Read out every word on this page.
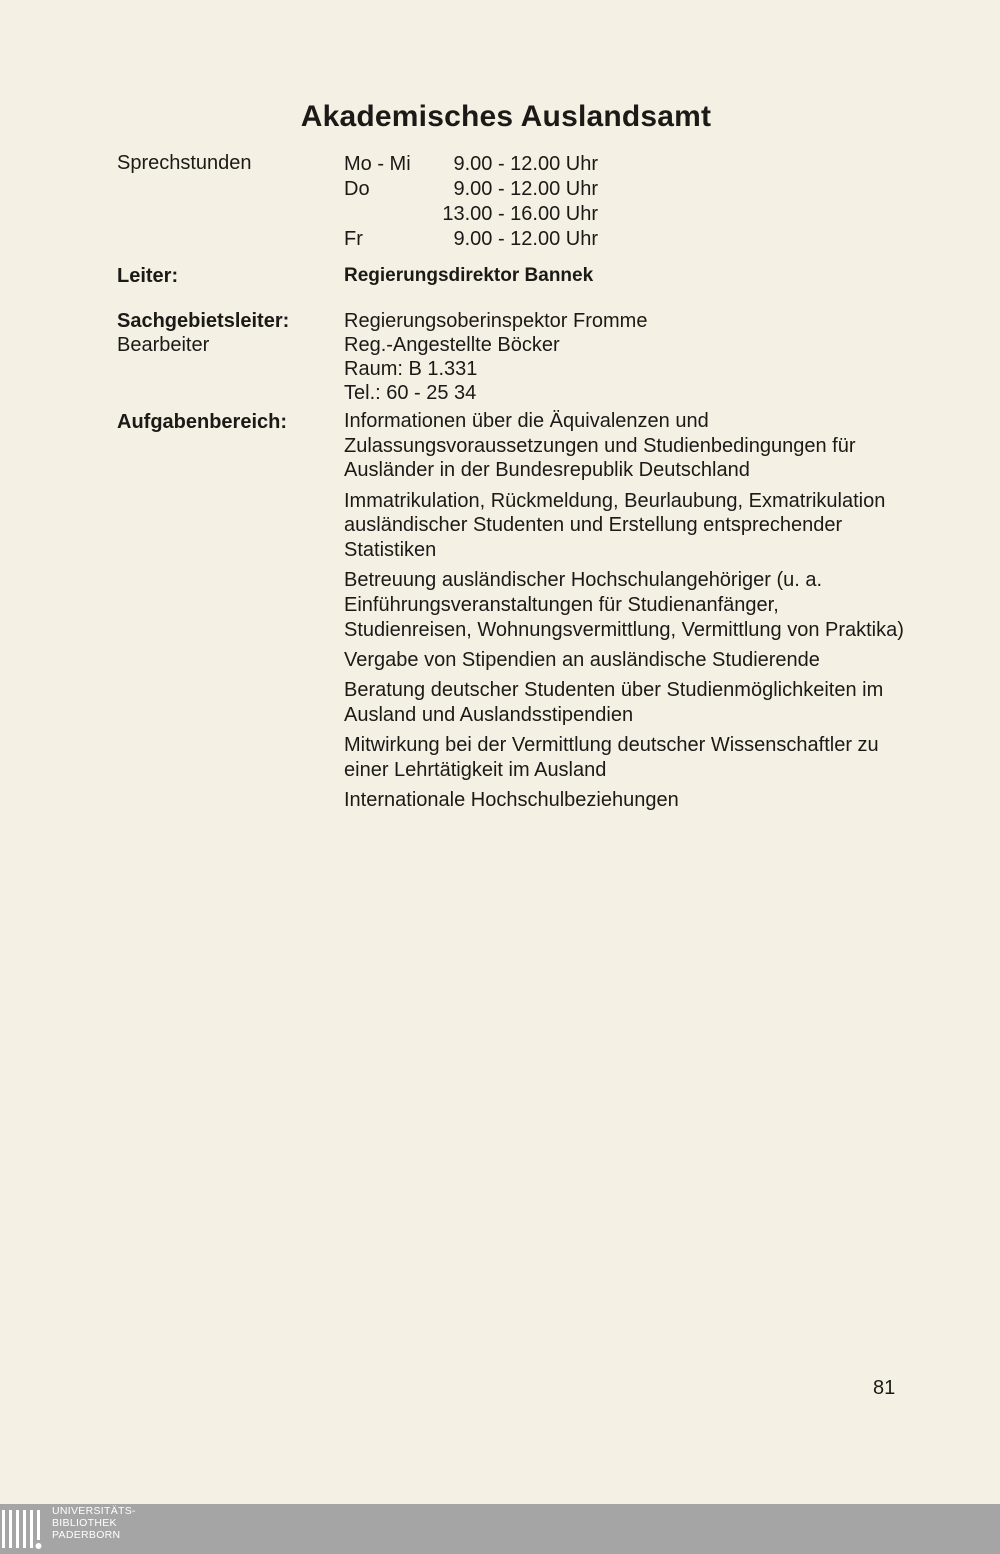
Akademisches Auslandsamt
Sprechstunden	Mo - Mi 9.00 - 12.00 Uhr
Do	9.00 - 12.00 Uhr
13.00 - 16.00 Uhr
Fr	9.00 - 12.00 Uhr
Leiter:	Regierungsdirektor Bannek
Sachgebietsleiter:	Regierungsoberinspektor Fromme
Bearbeiter	Reg.-Angestellte Böcker
Raum: B 1.331
Tel.: 60 - 25 34
Aufgabenbereich:	Informationen über die Äquivalenzen und Zulassungsvoraussetzungen und Studienbedingungen für Ausländer in der Bundesrepublik Deutschland
Immatrikulation, Rückmeldung, Beurlaubung, Exmatrikulation ausländischer Studenten und Erstellung entsprechender Statistiken
Betreuung ausländischer Hochschulangehöriger (u. a. Einführungsveranstaltungen für Studienanfänger, Studienreisen, Wohnungsvermittlung, Vermittlung von Praktika)
Vergabe von Stipendien an ausländische Studierende
Beratung deutscher Studenten über Studienmöglichkeiten im Ausland und Auslandsstipendien
Mitwirkung bei der Vermittlung deutscher Wissenschaftler zu einer Lehrtätigkeit im Ausland
Internationale Hochschulbeziehungen
81
UNIVERSITÄTS-
BIBLIOTHEK
PADERBORN
